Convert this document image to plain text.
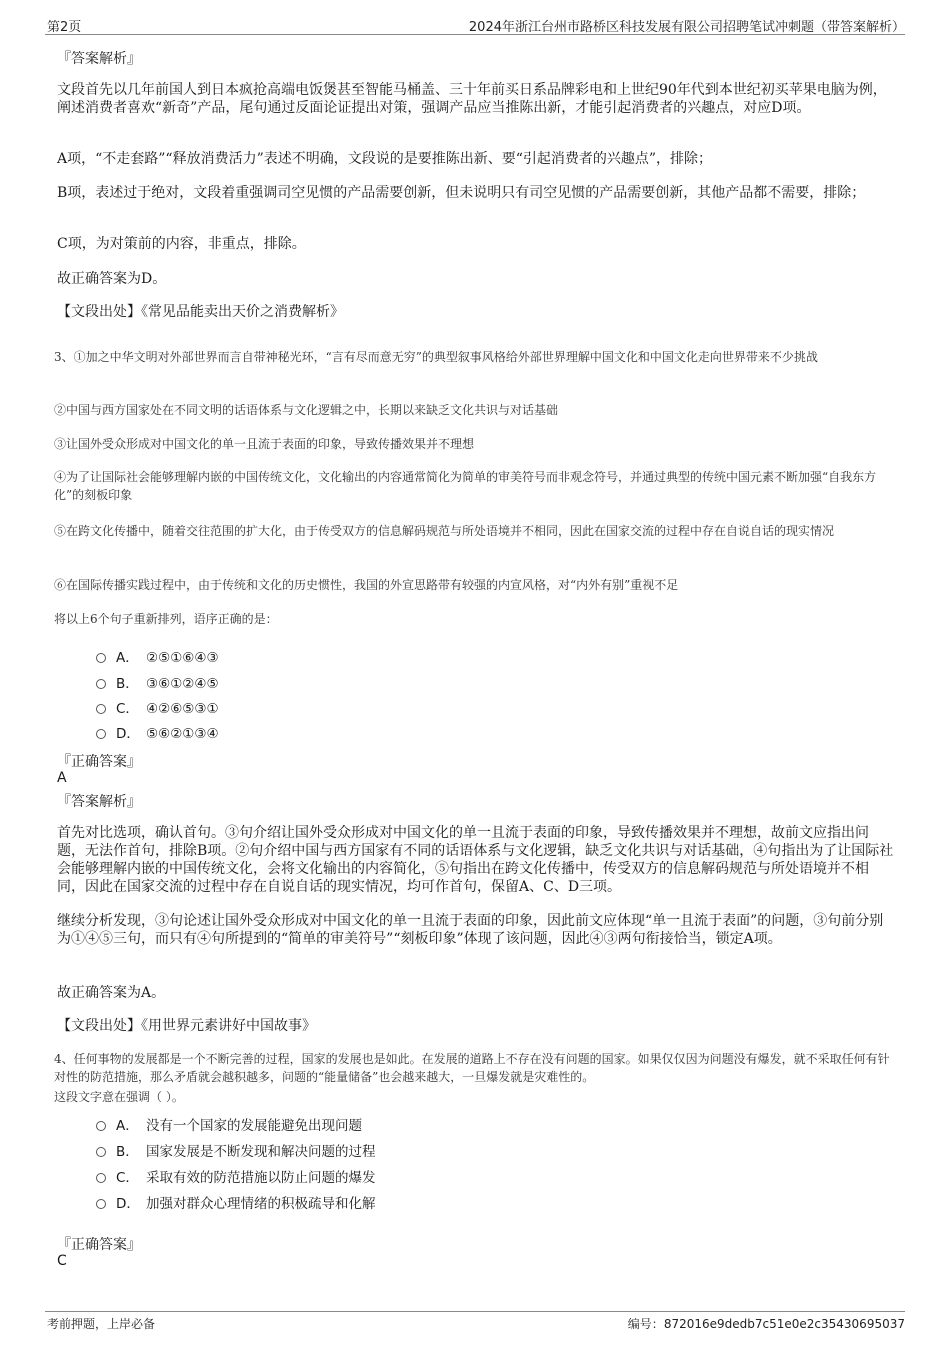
第2页	2024年浙江台州市路桥区科技发展有限公司招聘笔试冲刺题（带答案解析）
『答案解析』
文段首先以几年前国人到日本疯抢高端电饭煲甚至智能马桶盖、三十年前买日系品牌彩电和上世纪90年代到本世纪初买苹果电脑为例，阐述消费者喜欢“新奇”产品，尾句通过反面论证提出对策，强调产品应当推陈出新，才能引起消费者的兴趣点，对应D项。
A项，“不走套路”“释放消费活力”表述不明确，文段说的是要推陈出新、要“引起消费者的兴趣点”，排除；
B项，表述过于绝对，文段着重强调司空见惯的产品需要创新，但未说明只有司空见惯的产品需要创新，其他产品都不需要，排除；
C项，为对策前的内容，非重点，排除。
故正确答案为D。
【文段出处】《常见品能卖出天价之消费解析》
3、①加之中华文明对外部世界而言自带神秘光环，“言有尽而意无穷”的典型叙事风格给外部世界理解中国文化和中国文化走向世界带来不少挑战
②中国与西方国家处在不同文明的话语体系与文化逻辑之中，长期以来缺乏文化共识与对话基础
③让国外受众形成对中国文化的单一且流于表面的印象，导致传播效果并不理想
④为了让国际社会能够理解内嵌的中国传统文化，文化输出的内容通常简化为简单的审美符号而非观念符号，并通过典型的传统中国元素不断加强“自我东方化”的刻板印象
⑤在跨文化传播中，随着交往范围的扩大化，由于传受双方的信息解码规范与所处语境并不相同，因此在国家交流的过程中存在自说自话的现实情况
⑥在国际传播实践过程中，由于传统和文化的历史惯性，我国的外宣思路带有较强的内宣风格，对“内外有别”重视不足
将以上6个句子重新排列，语序正确的是：
A． ②⑤①⑥④③
B． ③⑥①②④⑤
C． ④②⑥⑤③①
D． ⑤⑥②①③④
『正确答案』
A
『答案解析』
首先对比选项，确认首句。③句介绍让国外受众形成对中国文化的单一且流于表面的印象，导致传播效果并不理想，故前文应指出问题，无法作首句，排除B项。②句介绍中国与西方国家有不同的话语体系与文化逻辑，缺乏文化共识与对话基础，④句指出为了让国际社会能够理解内嵌的中国传统文化，会将文化输出的内容简化，⑤句指出在跨文化传播中，传受双方的信息解码规范与所处语境并不相同，因此在国家交流的过程中存在自说自话的现实情况，均可作首句，保留A、C、D三项。
继续分析发现，③句论述让国外受众形成对中国文化的单一且流于表面的印象，因此前文应体现“单一且流于表面”的问题，③句前分别为①④⑤三句，而只有④句所提到的“简单的审美符号”“刻板印象”体现了该问题，因此④③两句衔接恰当，锁定A项。
故正确答案为A。
【文段出处】《用世界元素讲好中国故事》
4、任何事物的发展都是一个不断完善的过程，国家的发展也是如此。在发展的道路上不存在没有问题的国家。如果仅仅因为问题没有爆发，就不采取任何有针对性的防范措施，那么矛盾就会越积越多，问题的“能量储备”也会越来越大，一旦爆发就是灾难性的。
这段文字意在强调（ ）。
A． 没有一个国家的发展能避免出现问题
B． 国家发展是不断发现和解决问题的过程
C． 采取有效的防范措施以防止问题的爆发
D． 加强对群众心理情绪的积极疏导和化解
『正确答案』
C
考前押题，上岸必备	编号：872016e9dedb7c51e0e2c35430695037
